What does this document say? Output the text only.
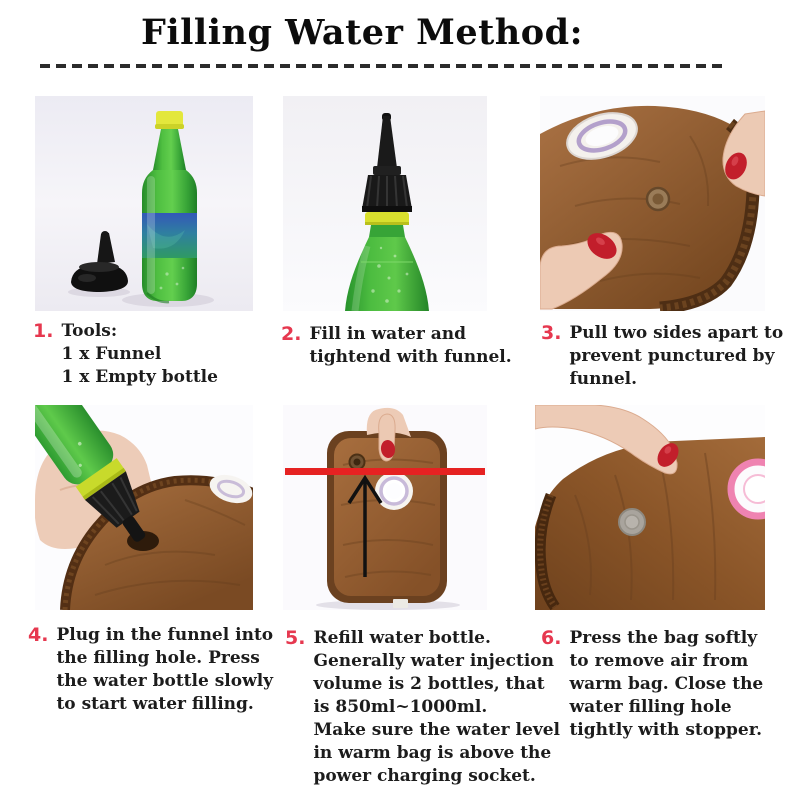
Filling Water Method:
1. Tools:
1 x Funnel
1 x Empty bottle
2. Fill in water and
tightend with funnel.
3. Pull two sides apart to
prevent punctured by
funnel.
4. Plug in the funnel into
the filling hole. Press
the water bottle slowly
to start water filling.
5. Refill water bottle.
Generally water injection
volume is 2 bottles, that
is 850ml~1000ml.
Make sure the water level
in warm bag is above the
power charging socket.
6. Press the bag softly
to remove air from
warm bag. Close the
water filling hole
tightly with stopper.
